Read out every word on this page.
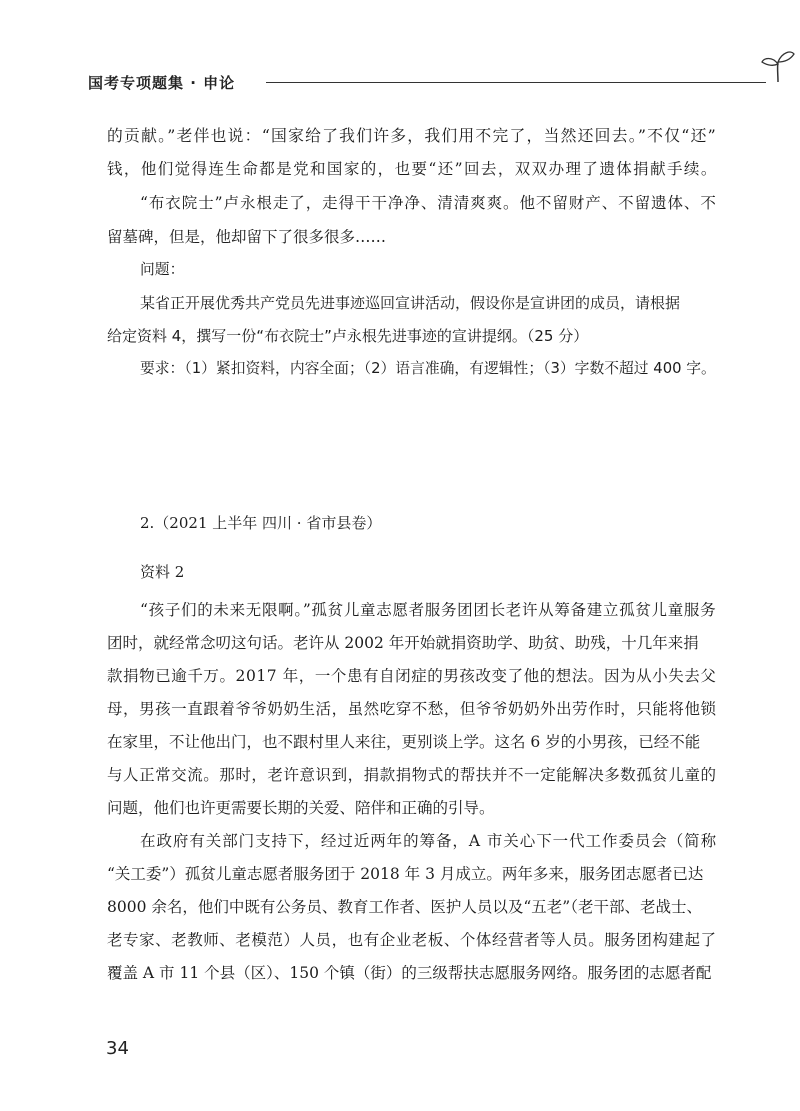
国考专项题集 · 申论
的贡献。”老伴也说：“国家给了我们许多，我们用不完了，当然还回去。”不仅“还”
钱，他们觉得连生命都是党和国家的，也要“还”回去，双双办理了遗体捐献手续。
“布衣院士”卢永根走了，走得干干净净、清清爽爽。他不留财产、不留遗体、不
留墓碑，但是，他却留下了很多很多……
问题：
某省正开展优秀共产党员先进事迹巡回宣讲活动，假设你是宣讲团的成员，请根据
给定资料 4，撰写一份“布衣院士”卢永根先进事迹的宣讲提纲。（25 分）
要求：（1）紧扣资料，内容全面；（2）语言准确，有逻辑性；（3）字数不超过 400 字。
2.（2021 上半年 四川 · 省市县卷）
资料 2
“孩子们的未来无限啊。”孤贫儿童志愿者服务团团长老许从筹备建立孤贫儿童服务
团时，就经常念叨这句话。老许从 2002 年开始就捐资助学、助贫、助残，十几年来捐
款捐物已逾千万。2017 年，一个患有自闭症的男孩改变了他的想法。因为从小失去父
母，男孩一直跟着爷爷奶奶生活，虽然吃穿不愁，但爷爷奶奶外出劳作时，只能将他锁
在家里，不让他出门，也不跟村里人来往，更别谈上学。这名 6 岁的小男孩，已经不能
与人正常交流。那时，老许意识到，捐款捐物式的帮扶并不一定能解决多数孤贫儿童的
问题，他们也许更需要长期的关爱、陪伴和正确的引导。
在政府有关部门支持下，经过近两年的筹备，A 市关心下一代工作委员会（简称
“关工委”）孤贫儿童志愿者服务团于 2018 年 3 月成立。两年多来，服务团志愿者已达
8000 余名，他们中既有公务员、教育工作者、医护人员以及“五老”（老干部、老战士、
老专家、老教师、老模范）人员，也有企业老板、个体经营者等人员。服务团构建起了
覆盖 A 市 11 个县（区）、150 个镇（街）的三级帮扶志愿服务网络。服务团的志愿者配
34
